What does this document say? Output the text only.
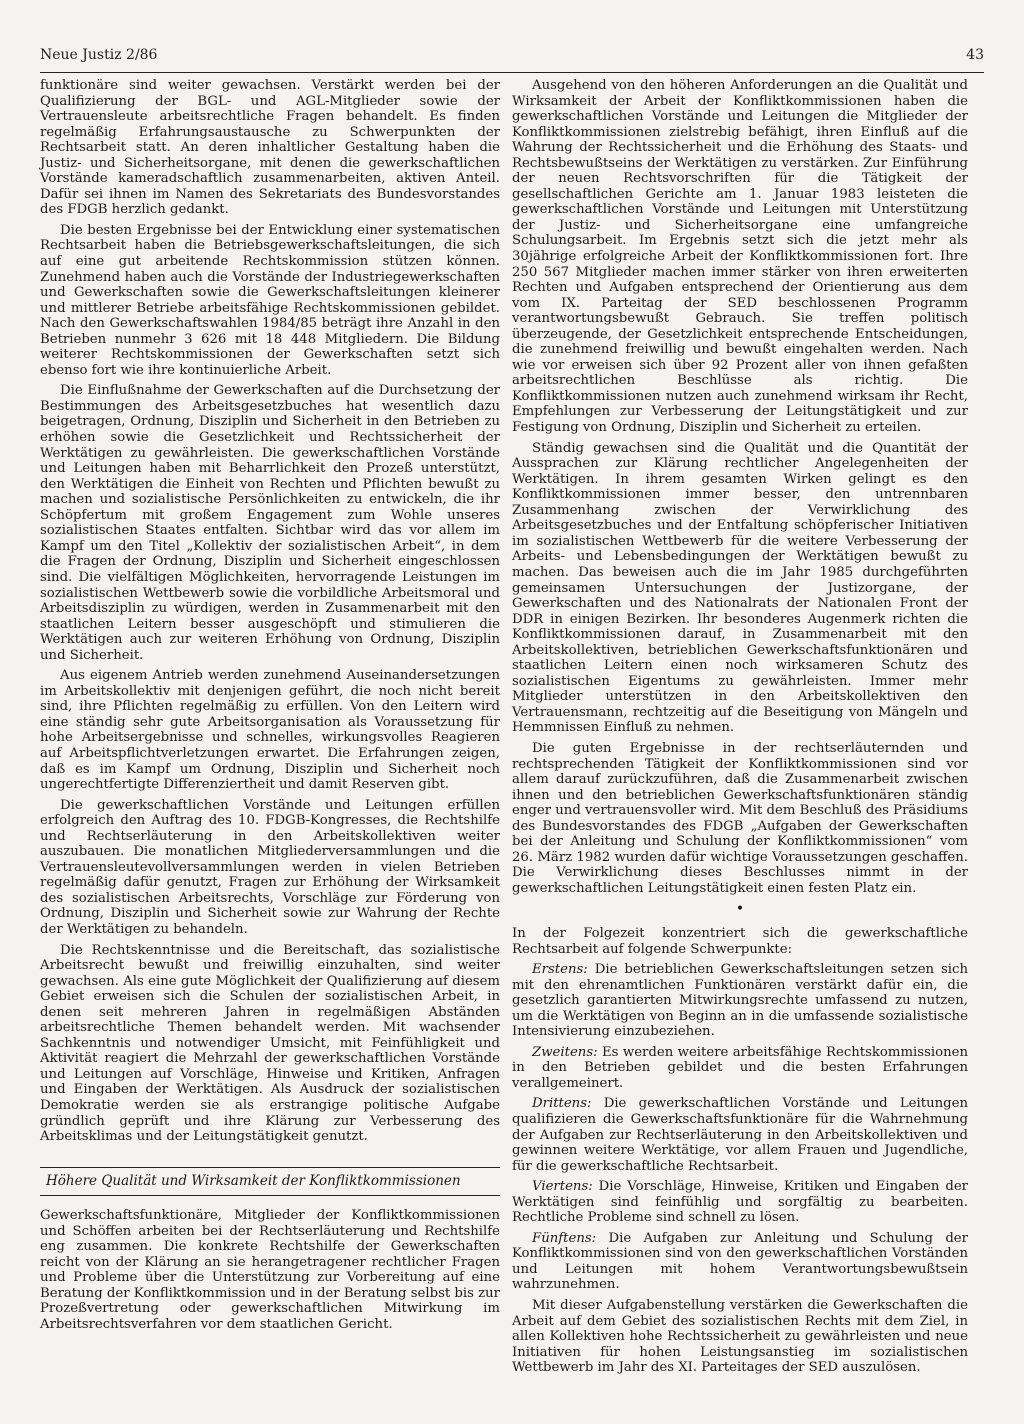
Neue Justiz 2/86	43

funktionäre sind weiter gewachsen. Verstärkt werden bei der Qualifizierung der BGL- und AGL-Mitglieder sowie der Vertrauensleute arbeitsrechtliche Fragen behandelt. Es finden regelmäßig Erfahrungsaustausche zu Schwerpunkten der Rechtsarbeit statt. An deren inhaltlicher Gestaltung haben die Justiz- und Sicherheitsorgane, mit denen die gewerkschaftlichen Vorstände kameradschaftlich zusammenarbeiten, aktiven Anteil. Dafür sei ihnen im Namen des Sekretariats des Bundesvorstandes des FDGB herzlich gedankt.

Die besten Ergebnisse bei der Entwicklung einer systematischen Rechtsarbeit haben die Betriebsgewerkschaftsleitungen, die sich auf eine gut arbeitende Rechtskommission stützen können. Zunehmend haben auch die Vorstände der Industriegewerkschaften und Gewerkschaften sowie die Gewerkschaftsleitungen kleinerer und mittlerer Betriebe arbeitsfähige Rechtskommissionen gebildet. Nach den Gewerkschaftswahlen 1984/85 beträgt ihre Anzahl in den Betrieben nunmehr 3 626 mit 18 448 Mitgliedern. Die Bildung weiterer Rechtskommissionen der Gewerkschaften setzt sich ebenso fort wie ihre kontinuierliche Arbeit.

Die Einflußnahme der Gewerkschaften auf die Durchsetzung der Bestimmungen des Arbeitsgesetzbuches hat wesentlich dazu beigetragen, Ordnung, Disziplin und Sicherheit in den Betrieben zu erhöhen sowie die Gesetzlichkeit und Rechtssicherheit der Werktätigen zu gewährleisten. Die gewerkschaftlichen Vorstände und Leitungen haben mit Beharrlichkeit den Prozeß unterstützt, den Werktätigen die Einheit von Rechten und Pflichten bewußt zu machen und sozialistische Persönlichkeiten zu entwickeln, die ihr Schöpfertum mit großem Engagement zum Wohle unseres sozialistischen Staates entfalten. Sichtbar wird das vor allem im Kampf um den Titel „Kollektiv der sozialistischen Arbeit“, in dem die Fragen der Ordnung, Disziplin und Sicherheit eingeschlossen sind. Die vielfältigen Möglichkeiten, hervorragende Leistungen im sozialistischen Wettbewerb sowie die vorbildliche Arbeitsmoral und Arbeitsdisziplin zu würdigen, werden in Zusammenarbeit mit den staatlichen Leitern besser ausgeschöpft und stimulieren die Werktätigen auch zur weiteren Erhöhung von Ordnung, Disziplin und Sicherheit.

Aus eigenem Antrieb werden zunehmend Auseinandersetzungen im Arbeitskollektiv mit denjenigen geführt, die noch nicht bereit sind, ihre Pflichten regelmäßig zu erfüllen. Von den Leitern wird eine ständig sehr gute Arbeitsorganisation als Voraussetzung für hohe Arbeitsergebnisse und schnelles, wirkungsvolles Reagieren auf Arbeitspflichtverletzungen erwartet. Die Erfahrungen zeigen, daß es im Kampf um Ordnung, Disziplin und Sicherheit noch ungerechtfertigte Differenziertheit und damit Reserven gibt.

Die gewerkschaftlichen Vorstände und Leitungen erfüllen erfolgreich den Auftrag des 10. FDGB-Kongresses, die Rechtshilfe und Rechtserläuterung in den Arbeitskollektiven weiter auszubauen. Die monatlichen Mitgliederversammlungen und die Vertrauensleutevollversammlungen werden in vielen Betrieben regelmäßig dafür genutzt, Fragen zur Erhöhung der Wirksamkeit des sozialistischen Arbeitsrechts, Vorschläge zur Förderung von Ordnung, Disziplin und Sicherheit sowie zur Wahrung der Rechte der Werktätigen zu behandeln.

Die Rechtskenntnisse und die Bereitschaft, das sozialistische Arbeitsrecht bewußt und freiwillig einzuhalten, sind weiter gewachsen. Als eine gute Möglichkeit der Qualifizierung auf diesem Gebiet erweisen sich die Schulen der sozialistischen Arbeit, in denen seit mehreren Jahren in regelmäßigen Abständen arbeitsrechtliche Themen behandelt werden. Mit wachsender Sachkenntnis und notwendiger Umsicht, mit Feinfühligkeit und Aktivität reagiert die Mehrzahl der gewerkschaftlichen Vorstände und Leitungen auf Vorschläge, Hinweise und Kritiken, Anfragen und Eingaben der Werktätigen. Als Ausdruck der sozialistischen Demokratie werden sie als erstrangige politische Aufgabe gründlich geprüft und ihre Klärung zur Verbesserung des Arbeitsklimas und der Leitungstätigkeit genutzt.

Höhere Qualität und Wirksamkeit der Konfliktkommissionen

Gewerkschaftsfunktionäre, Mitglieder der Konfliktkommissionen und Schöffen arbeiten bei der Rechtserläuterung und Rechtshilfe eng zusammen. Die konkrete Rechtshilfe der Gewerkschaften reicht von der Klärung an sie herangetragener rechtlicher Fragen und Probleme über die Unterstützung zur Vorbereitung auf eine Beratung der Konfliktkommission und in der Beratung selbst bis zur Prozeßvertretung oder gewerkschaftlichen Mitwirkung im Arbeitsrechtsverfahren vor dem staatlichen Gericht.

Ausgehend von den höheren Anforderungen an die Qualität und Wirksamkeit der Arbeit der Konfliktkommissionen haben die gewerkschaftlichen Vorstände und Leitungen die Mitglieder der Konfliktkommissionen zielstrebig befähigt, ihren Einfluß auf die Wahrung der Rechtssicherheit und die Erhöhung des Staats- und Rechtsbewußtseins der Werktätigen zu verstärken. Zur Einführung der neuen Rechtsvorschriften für die Tätigkeit der gesellschaftlichen Gerichte am 1. Januar 1983 leisteten die gewerkschaftlichen Vorstände und Leitungen mit Unterstützung der Justiz- und Sicherheitsorgane eine umfangreiche Schulungsarbeit. Im Ergebnis setzt sich die jetzt mehr als 30jährige erfolgreiche Arbeit der Konfliktkommissionen fort. Ihre 250 567 Mitglieder machen immer stärker von ihren erweiterten Rechten und Aufgaben entsprechend der Orientierung aus dem vom IX. Parteitag der SED beschlossenen Programm verantwortungsbewußt Gebrauch. Sie treffen politisch überzeugende, der Gesetzlichkeit entsprechende Entscheidungen, die zunehmend freiwillig und bewußt eingehalten werden. Nach wie vor erweisen sich über 92 Prozent aller von ihnen gefaßten arbeitsrechtlichen Beschlüsse als richtig. Die Konfliktkommissionen nutzen auch zunehmend wirksam ihr Recht, Empfehlungen zur Verbesserung der Leitungstätigkeit und zur Festigung von Ordnung, Disziplin und Sicherheit zu erteilen.

Ständig gewachsen sind die Qualität und die Quantität der Aussprachen zur Klärung rechtlicher Angelegenheiten der Werktätigen. In ihrem gesamten Wirken gelingt es den Konfliktkommissionen immer besser, den untrennbaren Zusammenhang zwischen der Verwirklichung des Arbeitsgesetzbuches und der Entfaltung schöpferischer Initiativen im sozialistischen Wettbewerb für die weitere Verbesserung der Arbeits- und Lebensbedingungen der Werktätigen bewußt zu machen. Das beweisen auch die im Jahr 1985 durchgeführten gemeinsamen Untersuchungen der Justizorgane, der Gewerkschaften und des Nationalrats der Nationalen Front der DDR in einigen Bezirken. Ihr besonderes Augenmerk richten die Konfliktkommissionen darauf, in Zusammenarbeit mit den Arbeitskollektiven, betrieblichen Gewerkschaftsfunktionären und staatlichen Leitern einen noch wirksameren Schutz des sozialistischen Eigentums zu gewährleisten. Immer mehr Mitglieder unterstützen in den Arbeitskollektiven den Vertrauensmann, rechtzeitig auf die Beseitigung von Mängeln und Hemmnissen Einfluß zu nehmen.

Die guten Ergebnisse in der rechtserläuternden und rechtsprechenden Tätigkeit der Konfliktkommissionen sind vor allem darauf zurückzuführen, daß die Zusammenarbeit zwischen ihnen und den betrieblichen Gewerkschaftsfunktionären ständig enger und vertrauensvoller wird. Mit dem Beschluß des Präsidiums des Bundesvorstandes des FDGB „Aufgaben der Gewerkschaften bei der Anleitung und Schulung der Konfliktkommissionen“ vom 26. März 1982 wurden dafür wichtige Voraussetzungen geschaffen. Die Verwirklichung dieses Beschlusses nimmt in der gewerkschaftlichen Leitungstätigkeit einen festen Platz ein.

•

In der Folgezeit konzentriert sich die gewerkschaftliche Rechtsarbeit auf folgende Schwerpunkte:

Erstens: Die betrieblichen Gewerkschaftsleitungen setzen sich mit den ehrenamtlichen Funktionären verstärkt dafür ein, die gesetzlich garantierten Mitwirkungsrechte umfassend zu nutzen, um die Werktätigen von Beginn an in die umfassende sozialistische Intensivierung einzubeziehen.

Zweitens: Es werden weitere arbeitsfähige Rechtskommissionen in den Betrieben gebildet und die besten Erfahrungen verallgemeinert.

Drittens: Die gewerkschaftlichen Vorstände und Leitungen qualifizieren die Gewerkschaftsfunktionäre für die Wahrnehmung der Aufgaben zur Rechtserläuterung in den Arbeitskollektiven und gewinnen weitere Werktätige, vor allem Frauen und Jugendliche, für die gewerkschaftliche Rechtsarbeit.

Viertens: Die Vorschläge, Hinweise, Kritiken und Eingaben der Werktätigen sind feinfühlig und sorgfältig zu bearbeiten. Rechtliche Probleme sind schnell zu lösen.

Fünftens: Die Aufgaben zur Anleitung und Schulung der Konfliktkommissionen sind von den gewerkschaftlichen Vorständen und Leitungen mit hohem Verantwortungsbewußtsein wahrzunehmen.

Mit dieser Aufgabenstellung verstärken die Gewerkschaften die Arbeit auf dem Gebiet des sozialistischen Rechts mit dem Ziel, in allen Kollektiven hohe Rechtssicherheit zu gewährleisten und neue Initiativen für hohen Leistungsanstieg im sozialistischen Wettbewerb im Jahr des XI. Parteitages der SED auszulösen.
